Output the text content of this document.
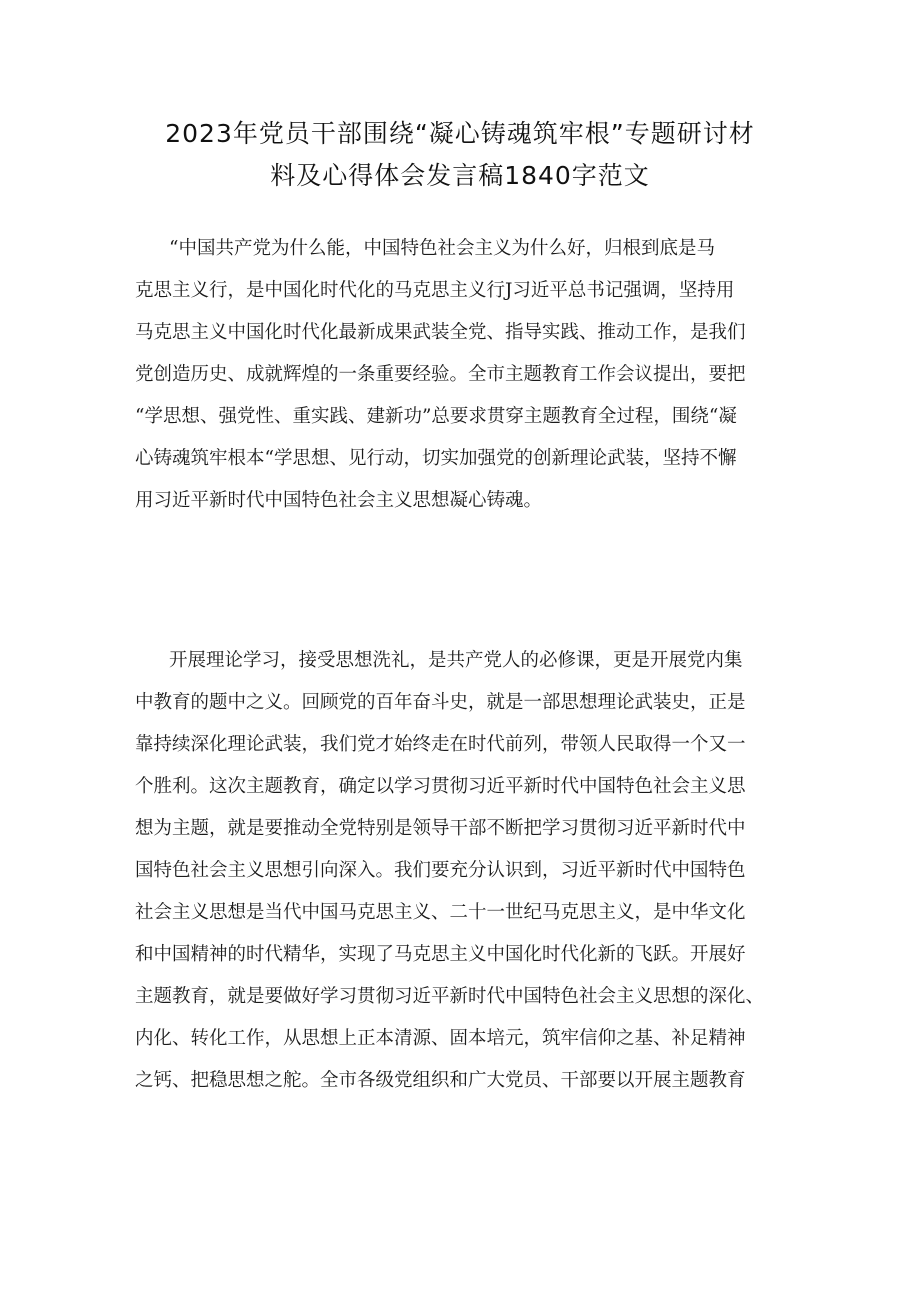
2023年党员干部围绕“凝心铸魂筑牢根”专题研讨材
料及心得体会发言稿1840字范文
“中国共产党为什么能，中国特色社会主义为什么好，归根到底是马
克思主义行，是中国化时代化的马克思主义行J习近平总书记强调，坚持用
马克思主义中国化时代化最新成果武装全党、指导实践、推动工作，是我们
党创造历史、成就辉煌的一条重要经验。全市主题教育工作会议提出，要把
“学思想、强党性、重实践、建新功”总要求贯穿主题教育全过程，围绕“凝
心铸魂筑牢根本“学思想、见行动，切实加强党的创新理论武装，坚持不懈
用习近平新时代中国特色社会主义思想凝心铸魂。
开展理论学习，接受思想洗礼，是共产党人的必修课，更是开展党内集
中教育的题中之义。回顾党的百年奋斗史，就是一部思想理论武装史，正是
靠持续深化理论武装，我们党才始终走在时代前列，带领人民取得一个又一
个胜利。这次主题教育，确定以学习贯彻习近平新时代中国特色社会主义思
想为主题，就是要推动全党特别是领导干部不断把学习贯彻习近平新时代中
国特色社会主义思想引向深入。我们要充分认识到，习近平新时代中国特色
社会主义思想是当代中国马克思主义、二十一世纪马克思主义，是中华文化
和中国精神的时代精华，实现了马克思主义中国化时代化新的飞跃。开展好
主题教育，就是要做好学习贯彻习近平新时代中国特色社会主义思想的深化、
内化、转化工作，从思想上正本清源、固本培元，筑牢信仰之基、补足精神
之钙、把稳思想之舵。全市各级党组织和广大党员、干部要以开展主题教育
